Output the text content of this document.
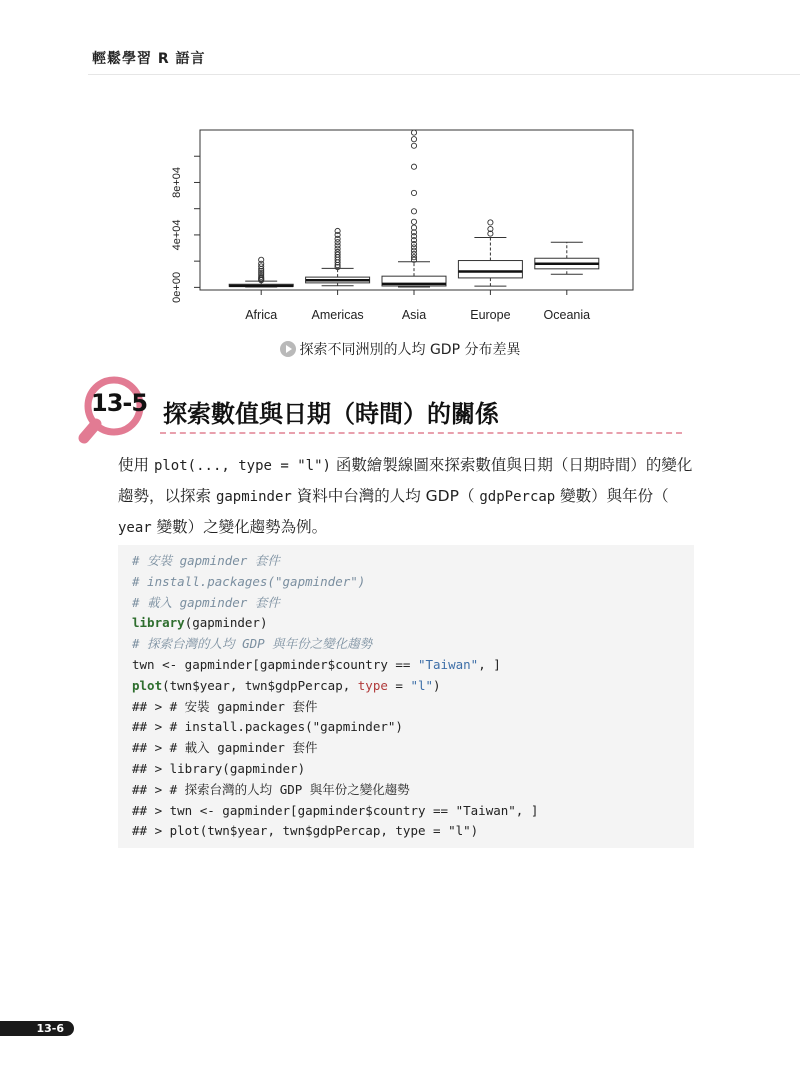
輕鬆學習 R 語言
0e+00
4e+04
8e+04
Africa	Americas	Asia	Europe	Oceania
探索不同洲別的人均 GDP 分布差異
13-5 探索數值與日期（時間）的關係
使用 plot(..., type = "l") 函數繪製線圖來探索數值與日期（日期時間）的變化趨勢，以探索 gapminder 資料中台灣的人均 GDP（ gdpPercap 變數）與年份（ year 變數）之變化趨勢為例。
# 安裝 gapminder 套件
# install.packages("gapminder")
# 載入 gapminder 套件
library(gapminder)
# 探索台灣的人均 GDP 與年份之變化趨勢
twn <- gapminder[gapminder$country == "Taiwan", ]
plot(twn$year, twn$gdpPercap, type = "l")
## > # 安裝 gapminder 套件
## > # install.packages("gapminder")
## > # 載入 gapminder 套件
## > library(gapminder)
## > # 探索台灣的人均 GDP 與年份之變化趨勢
## > twn <- gapminder[gapminder$country == "Taiwan", ]
## > plot(twn$year, twn$gdpPercap, type = "l")
13-6
